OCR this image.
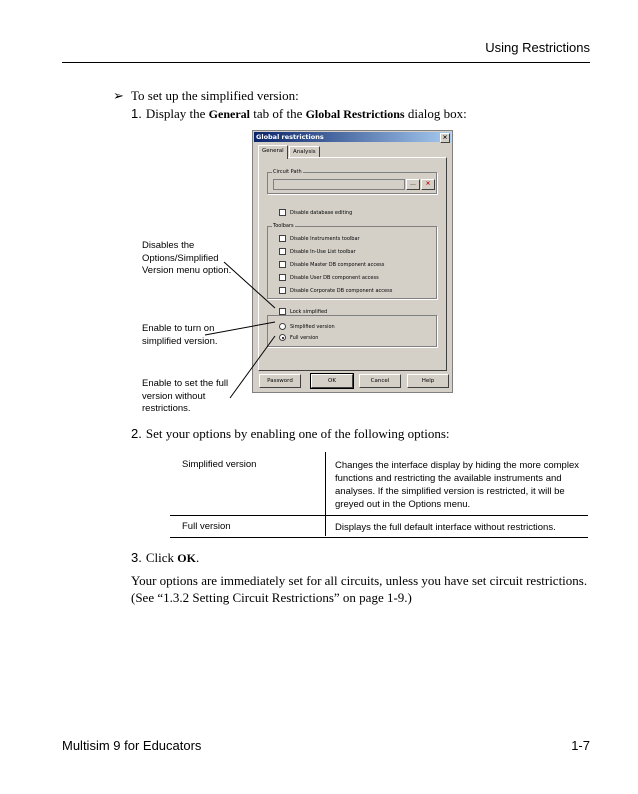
Using Restrictions
➢ To set up the simplified version:
1. Display the General tab of the Global Restrictions dialog box:
Global restrictions	×
General	Analysis
Circuit Path
...	×
Disable database editing
Toolbars
Disable Instruments toolbar
Disable In-Use List toolbar
Disable Master DB component access
Disable User DB component access
Disable Corporate DB component access
Lock simplified
Simplified version
Full version
Password	OK	Cancel	Help
Disables the Options/Simplified Version menu option.
Enable to turn on simplified version.
Enable to set the full version without restrictions.
2. Set your options by enabling one of the following options:
Simplified version	Changes the interface display by hiding the more complex functions and restricting the available instruments and analyses. If the simplified version is restricted, it will be greyed out in the Options menu.
Full version	Displays the full default interface without restrictions.
3. Click OK.
Your options are immediately set for all circuits, unless you have set circuit restrictions. (See “1.3.2 Setting Circuit Restrictions” on page 1-9.)
Multisim 9 for Educators	1-7
